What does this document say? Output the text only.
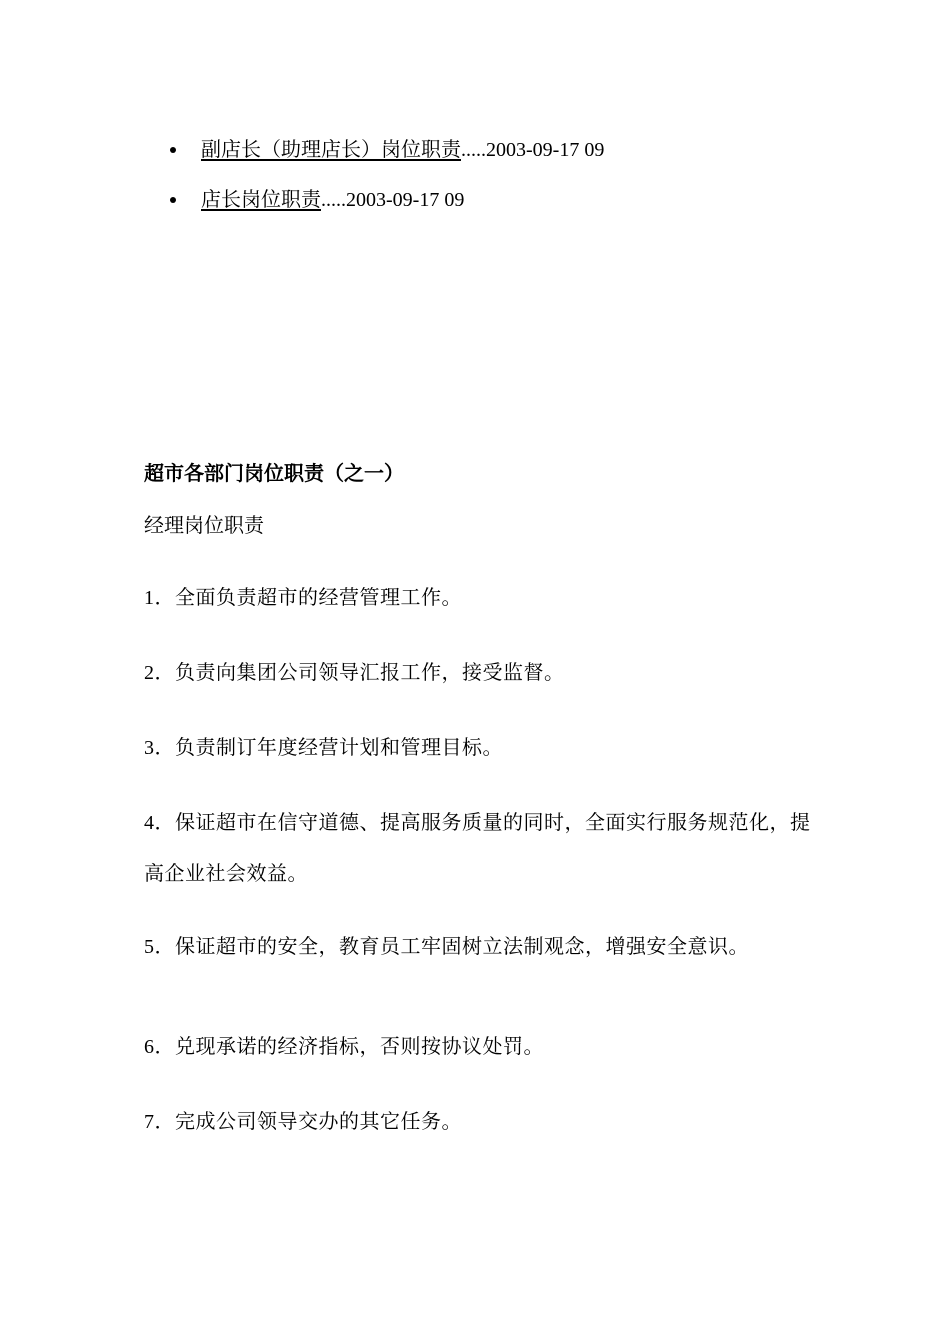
副店长（助理店长）岗位职责.....2003-09-17 09
店长岗位职责.....2003-09-17 09
超市各部门岗位职责（之一）
经理岗位职责
1．全面负责超市的经营管理工作。
2．负责向集团公司领导汇报工作，接受监督。
3．负责制订年度经营计划和管理目标。
4．保证超市在信守道德、提高服务质量的同时，全面实行服务规范化，提高企业社会效益。
5．保证超市的安全，教育员工牢固树立法制观念，增强安全意识。
6．兑现承诺的经济指标，否则按协议处罚。
7．完成公司领导交办的其它任务。
